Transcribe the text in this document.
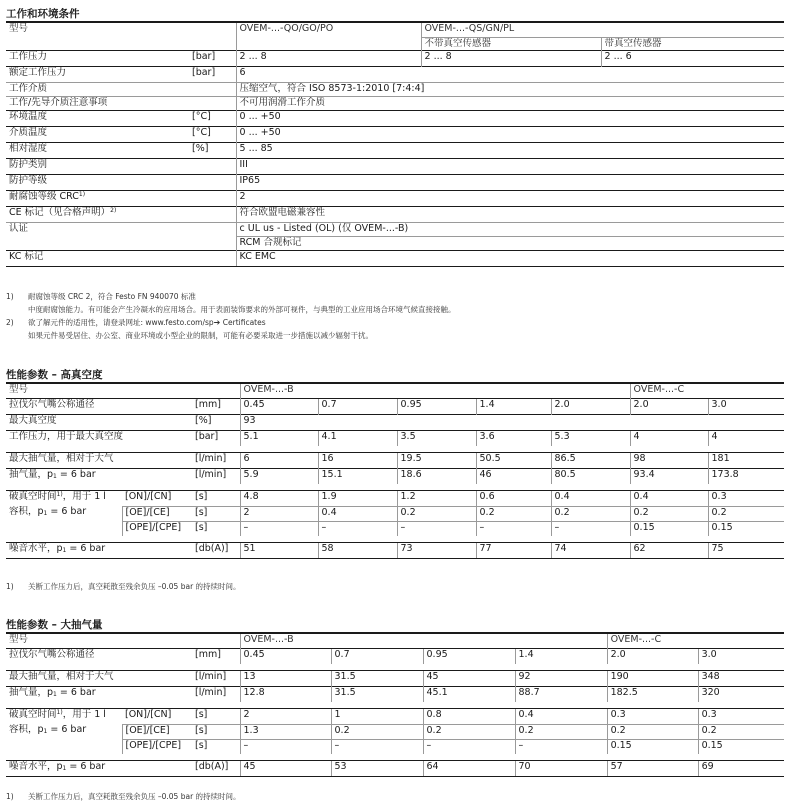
工作和环境条件
型号		OVEM-...-QO/GO/PO	OVEM-...-QS/GN/PL	
			不带真空传感器	带真空传感器
工作压力	[bar]	2 ... 8	2 ... 8	2 ... 6
额定工作压力	[bar]	6		
工作介质		压缩空气，符合 ISO 8573-1:2010 [7:4:4]		
工作/先导介质注意事项		不可用润滑工作介质		
环境温度	[°C]	0 ... +50		
介质温度	[°C]	0 ... +50		
相对湿度	[%]	5 ... 85		
防护类别		III		
防护等级		IP65		
耐腐蚀等级 CRC$^{1)}$		2		
CE 标记（见合格声明）$^{2)}$		符合欧盟电磁兼容性		
认证		c UL us - Listed (OL) (仅 OVEM-...-B)		
		RCM 合规标记		
KC 标记		KC EMC		
1) 耐腐蚀等级 CRC 2，符合 Festo FN 940070 标准
中度耐腐蚀能力。有可能会产生冷凝水的应用场合。用于表面装饰要求的外部可视件，与典型的工业应用场合环境气候直接接触。
2) 欲了解元件的适用性，请登录网址: www.festo.com/sp➔ Certificates
如果元件易受居住、办公室、商业环境或小型企业的限制，可能有必要采取进一步措施以减少辐射干扰。
性能参数 – 高真空度
型号			OVEM-...-B					OVEM-...-C	
拉伐尔气嘴公称通径		[mm]	0.45	0.7	0.95	1.4	2.0	2.0	3.0
最大真空度		[%]	93						
工作压力，用于最大真空度		[bar]	5.1	4.1	3.5	3.6	5.3	4	4

最大抽气量，相对于大气		[l/min]	6	16	19.5	50.5	86.5	98	181
抽气量，$p_1 = 6$ bar		[l/min]	5.9	15.1	18.6	46	80.5	93.4	173.8

破真空时间$^{1)}$，用于 1 l	[ON]/[CN]	[s]	4.8	1.9	1.2	0.6	0.4	0.4	0.3
容积，$p_1 = 6$ bar	[OE]/[CE]	[s]	2	0.4	0.2	0.2	0.2	0.2	0.2
	[OPE]/[CPE]	[s]	–	–	–	–	–	0.15	0.15

噪音水平，$p_1 = 6$ bar		[db(A)]	51	58	73	77	74	62	75
1) 关断工作压力后，真空耗散至残余负压 –0.05 bar 的持续时间。
性能参数 – 大抽气量
型号			OVEM-...-B				OVEM-...-C	
拉伐尔气嘴公称通径		[mm]	0.45	0.7	0.95	1.4	2.0	3.0

最大抽气量，相对于大气		[l/min]	13	31.5	45	92	190	348
抽气量，$p_1 = 6$ bar		[l/min]	12.8	31.5	45.1	88.7	182.5	320

破真空时间$^{1)}$，用于 1 l	[ON]/[CN]	[s]	2	1	0.8	0.4	0.3	0.3
容积，$p_1 = 6$ bar	[OE]/[CE]	[s]	1.3	0.2	0.2	0.2	0.2	0.2
	[OPE]/[CPE]	[s]	–	–	–	–	0.15	0.15

噪音水平，$p_1 = 6$ bar		[db(A)]	45	53	64	70	57	69
1) 关断工作压力后，真空耗散至残余负压 –0.05 bar 的持续时间。
